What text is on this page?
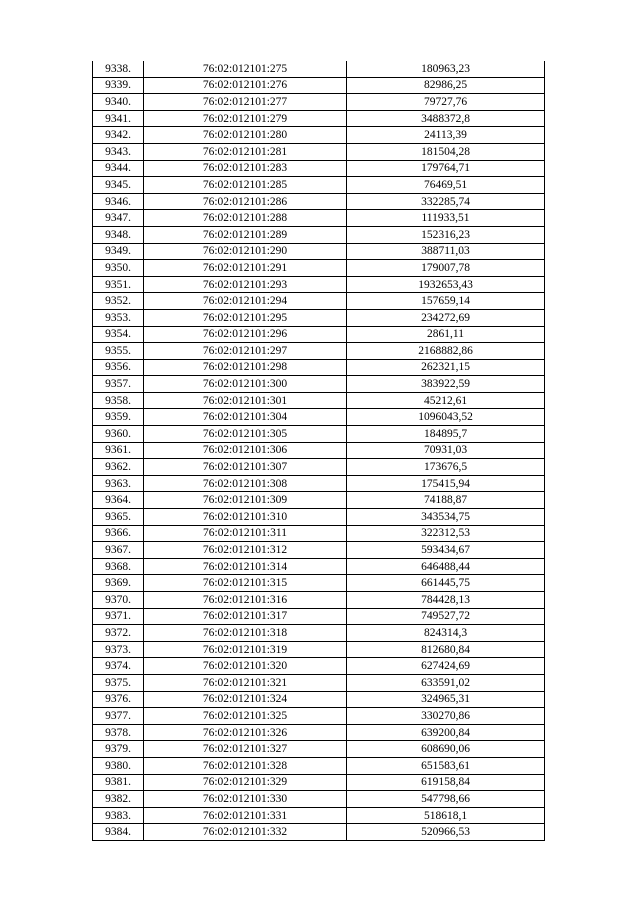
9338.	76:02:012101:275	180963,23
9339.	76:02:012101:276	82986,25
9340.	76:02:012101:277	79727,76
9341.	76:02:012101:279	3488372,8
9342.	76:02:012101:280	24113,39
9343.	76:02:012101:281	181504,28
9344.	76:02:012101:283	179764,71
9345.	76:02:012101:285	76469,51
9346.	76:02:012101:286	332285,74
9347.	76:02:012101:288	111933,51
9348.	76:02:012101:289	152316,23
9349.	76:02:012101:290	388711,03
9350.	76:02:012101:291	179007,78
9351.	76:02:012101:293	1932653,43
9352.	76:02:012101:294	157659,14
9353.	76:02:012101:295	234272,69
9354.	76:02:012101:296	2861,11
9355.	76:02:012101:297	2168882,86
9356.	76:02:012101:298	262321,15
9357.	76:02:012101:300	383922,59
9358.	76:02:012101:301	45212,61
9359.	76:02:012101:304	1096043,52
9360.	76:02:012101:305	184895,7
9361.	76:02:012101:306	70931,03
9362.	76:02:012101:307	173676,5
9363.	76:02:012101:308	175415,94
9364.	76:02:012101:309	74188,87
9365.	76:02:012101:310	343534,75
9366.	76:02:012101:311	322312,53
9367.	76:02:012101:312	593434,67
9368.	76:02:012101:314	646488,44
9369.	76:02:012101:315	661445,75
9370.	76:02:012101:316	784428,13
9371.	76:02:012101:317	749527,72
9372.	76:02:012101:318	824314,3
9373.	76:02:012101:319	812680,84
9374.	76:02:012101:320	627424,69
9375.	76:02:012101:321	633591,02
9376.	76:02:012101:324	324965,31
9377.	76:02:012101:325	330270,86
9378.	76:02:012101:326	639200,84
9379.	76:02:012101:327	608690,06
9380.	76:02:012101:328	651583,61
9381.	76:02:012101:329	619158,84
9382.	76:02:012101:330	547798,66
9383.	76:02:012101:331	518618,1
9384.	76:02:012101:332	520966,53
